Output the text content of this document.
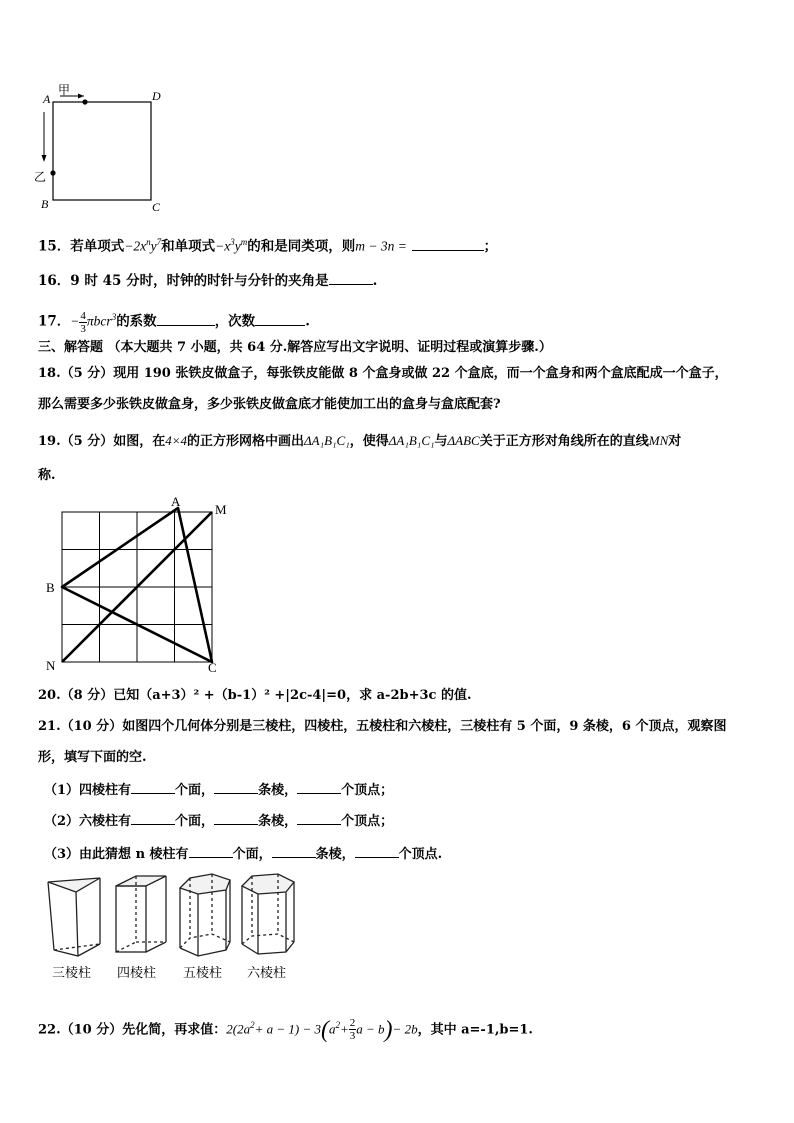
A	D
B	C
甲
乙
15．若单项式$-2x^ny^7$和单项式$-x^3y^m$的和是同类项，则m − 3n =	；
16．9 时 45 分时，时钟的时针与分针的夹角是	.
17．− $\frac{4}{3} \pi bcr^3$的系数	，次数	.
三、解答题 （本大题共 7 小题，共 64 分.解答应写出文字说明、证明过程或演算步骤.）
18.（5 分）现用 190 张铁皮做盒子，每张铁皮能做 8 个盒身或做 22 个盒底，而一个盒身和两个盒底配成一个盒子，
那么需要多少张铁皮做盒身，多少张铁皮做盒底才能使加工出的盒身与盒底配套?
19.（5 分）如图，在4×4的正方形网格中画出ΔA₁B₁C₁，使得ΔA₁B₁C₁与ΔABC关于正方形对角线所在的直线MN对
称.
A
M
B
N	C
20.（8 分）已知（a+3）² +（b-1）² +|2c-4|=0，求 a-2b+3c 的值.
21.（10 分）如图四个几何体分别是三棱柱，四棱柱，五棱柱和六棱柱，三棱柱有 5 个面，9 条棱，6 个顶点，观察图
形，填写下面的空.
（1）四棱柱有	个面，	条棱，	个顶点；
（2）六棱柱有	个面，	条棱，	个顶点；
（3）由此猜想 n 棱柱有	个面，	条棱，	个顶点.
三棱柱 四棱柱 五棱柱 六棱柱
22.（10 分）先化简，再求值：$2(2a^2+ a - 1) - 3(a^2+ \frac{2}{3}$ a − b)− 2b，其中 a=-1,b=1.
